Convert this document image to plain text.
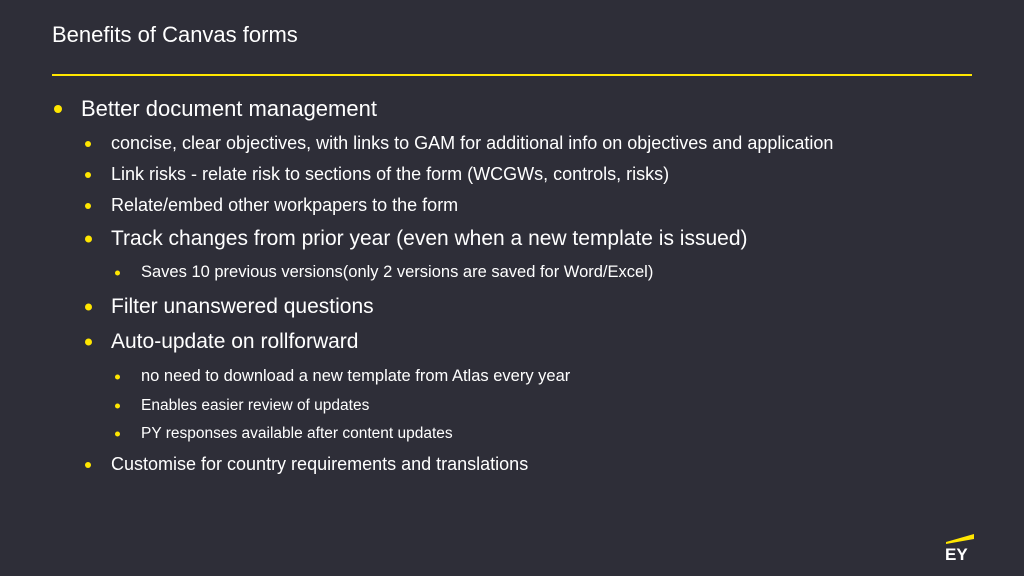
Benefits of Canvas forms
Better document management
concise, clear objectives, with links to GAM for additional info on objectives and application
Link risks - relate risk to sections of the form (WCGWs, controls, risks)
Relate/embed other workpapers to the form
Track changes from prior year (even when a new template is issued)
Saves 10 previous versions(only 2 versions are saved for Word/Excel)
Filter unanswered questions
Auto-update on rollforward
no need to download a new template from Atlas every year
Enables easier review of updates
PY responses available after content updates
Customise for country requirements and translations
EY
